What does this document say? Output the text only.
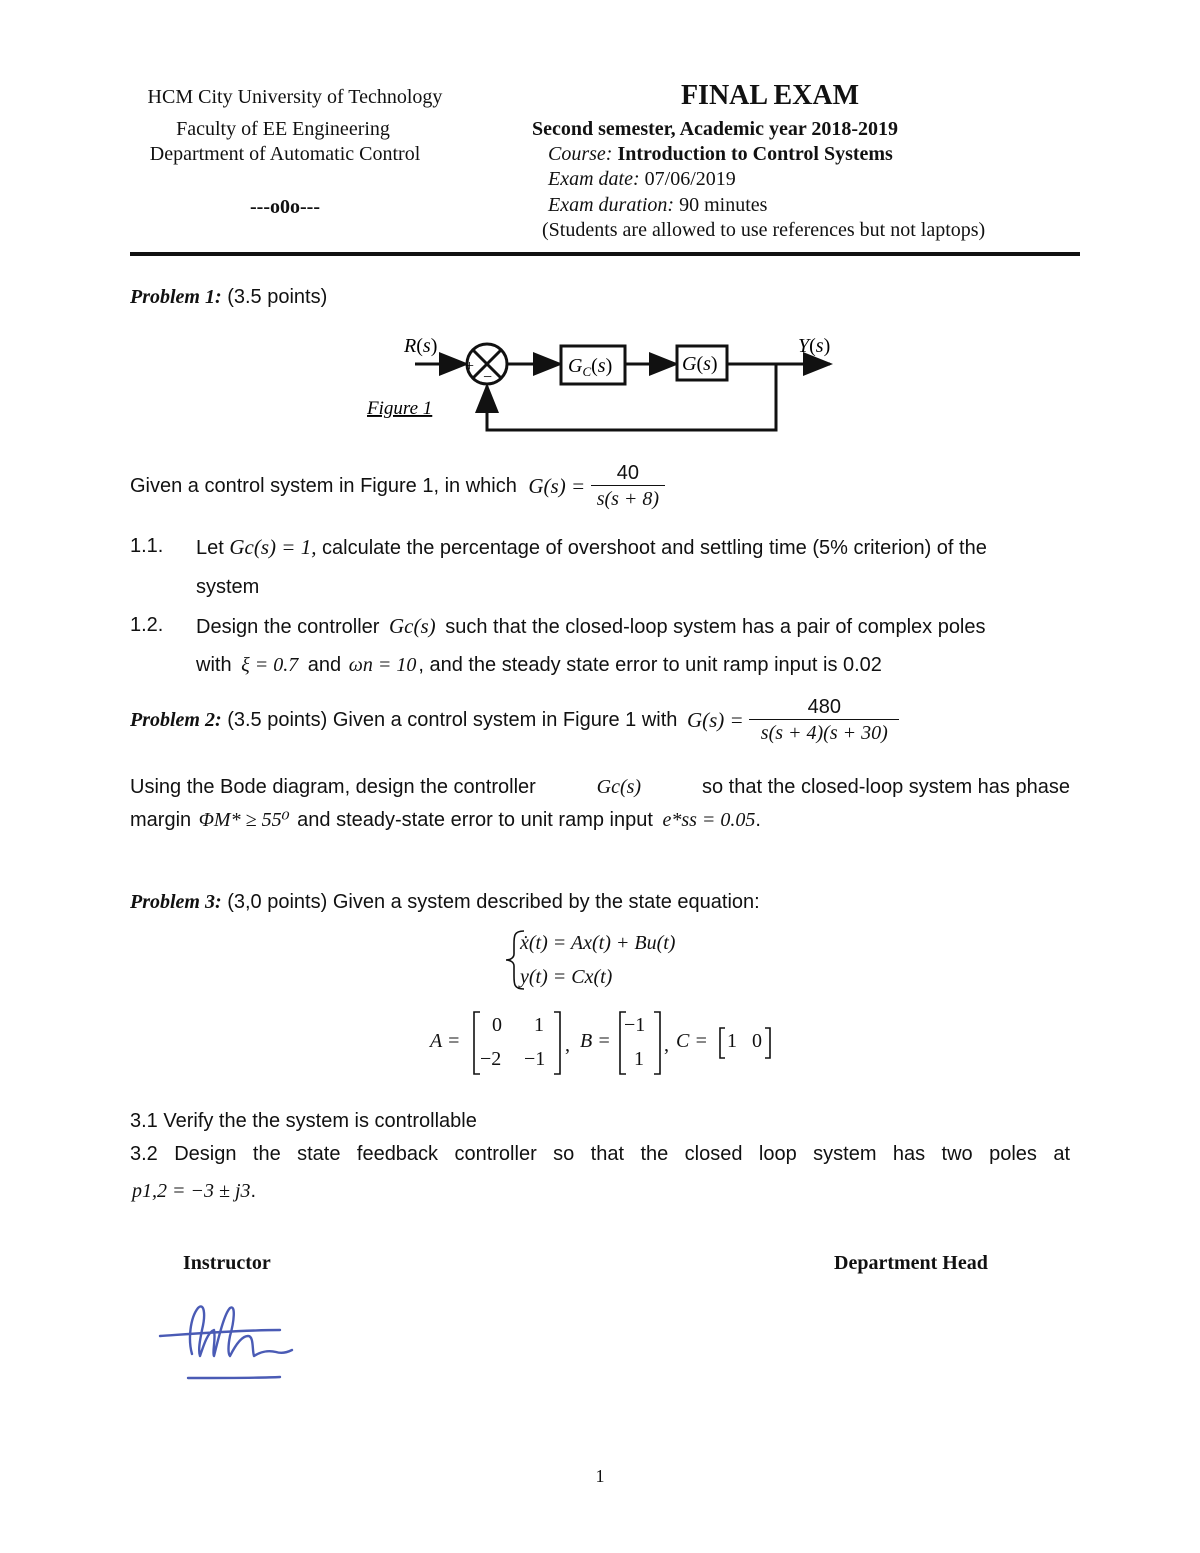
HCM City University of Technology
Faculty of EE Engineering
Department of Automatic Control
---o0o---
FINAL EXAM
Second semester, Academic year 2018-2019
Course: Introduction to Control Systems
Exam date: 07/06/2019
Exam duration: 90 minutes
(Students are allowed to use references but not laptops)
Problem 1: (3.5 points)
+
−
$G_C(s)$	G(s)
R(s)	Y(s)
Figure 1
Given a control system in Figure 1, in which $G(s) = \frac{40}{s(s + 8)}$
1.1. Let Gc(s) = 1, calculate the percentage of overshoot and settling time (5% criterion) of the
system
1.2. Design the controller Gc(s) such that the closed-loop system has a pair of complex poles
with ξ = 0.7 and ωn = 10 , and the steady state error to unit ramp input is 0.02
Problem 2: (3.5 points) Given a control system in Figure 1 with $G(s) = \frac{480}{s(s + 4)(s + 30)}$
Using the Bode diagram, design the controller	Gc(s)	so that the closed-loop system has phase
margin ΦM* ≥ 55⁰ and steady-state error to unit ramp input e*ss = 0.05.
Problem 3: (3,0 points) Given a system described by the state equation:
ẋ(t) = Ax(t) + Bu(t)
y(t) = Cx(t)
A =
0 1
−2 −1
, B =
−1
1
, C = 1 0
3.1 Verify the the system is controllable
3.2 Design the state feedback controller so that the closed loop system has two poles at
p1,2 = −3 ± j3.
Instructor	Department Head
1
